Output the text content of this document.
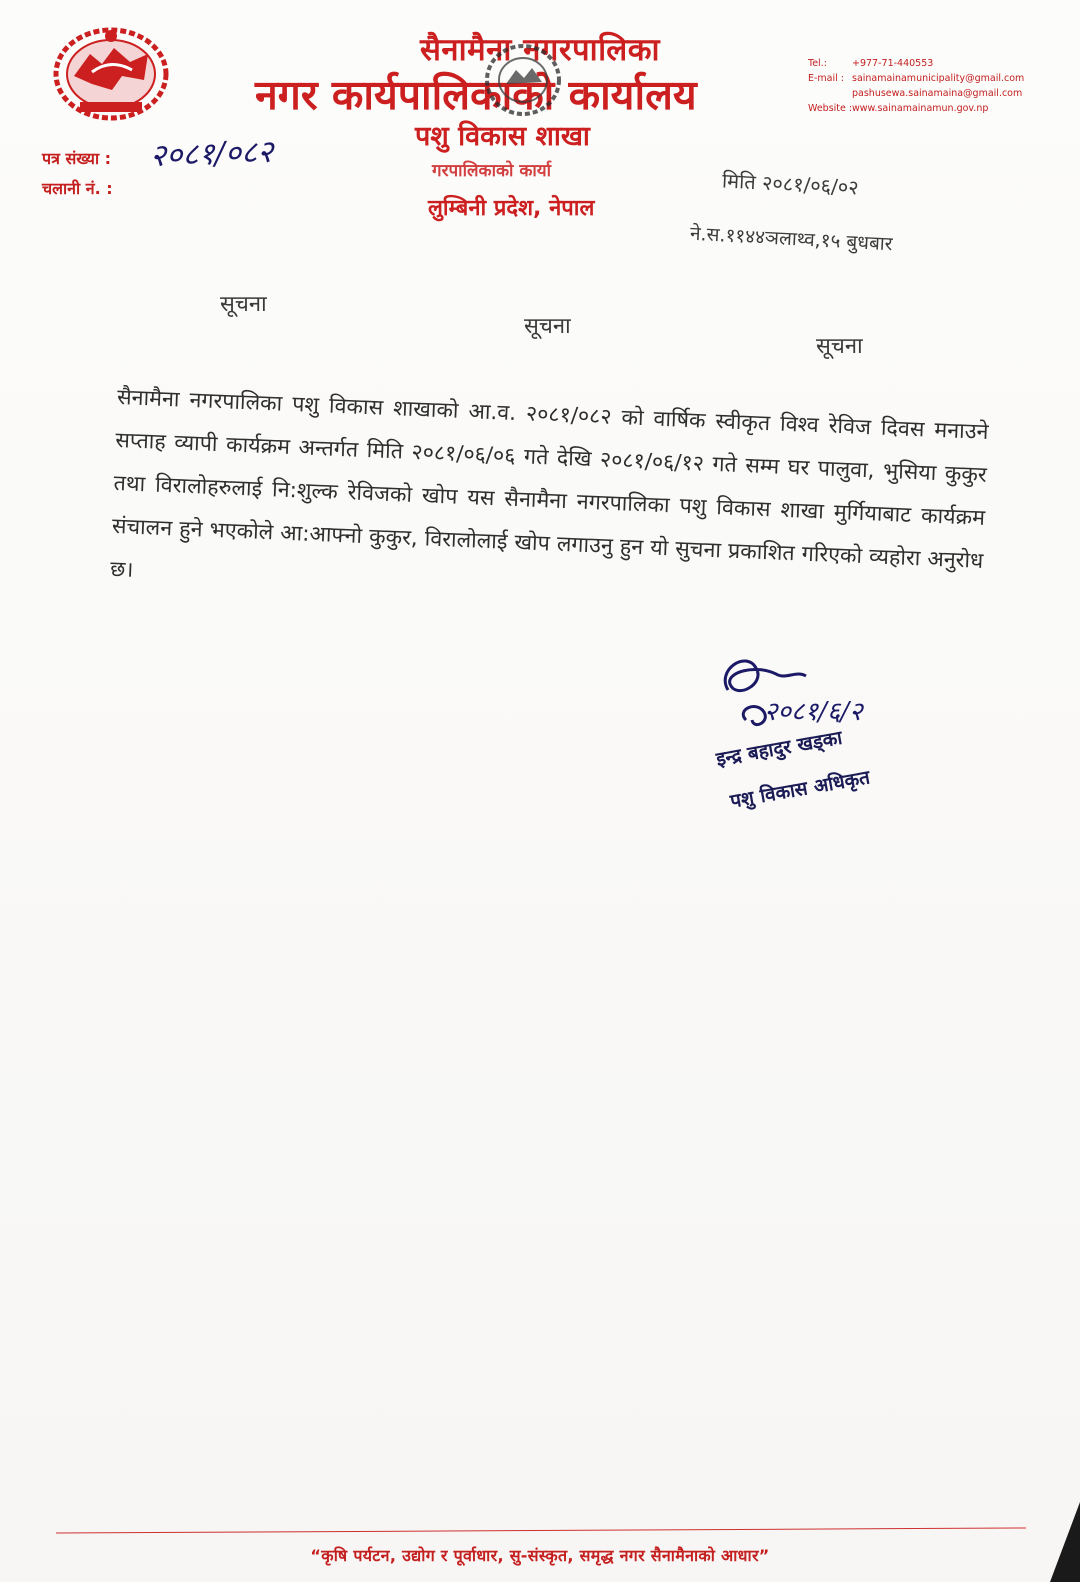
सैनामैना नगरपालिका
नगर कार्यपालिकाको कार्यालय
पशु विकास शाखा
गरपालिकाको कार्या
लुम्बिनी प्रदेश, नेपाल
Tel.:	+977-71-440553
E-mail : sainamainamunicipality@gmail.com
pashusewa.sainamaina@gmail.com
Website :www.sainamainamun.gov.np
पत्र संख्या :
चलानी नं. :
२०८१/०८२
मिति २०८१/०६/०२
ने.स.११४४ञलाथ्व,१५ बुधबार
सूचना
सूचना
सूचना
सैनामैना नगरपालिका पशु विकास शाखाको आ.व. २०८१/०८२ को वार्षिक स्वीकृत विश्व रेविज दिवस मनाउने सप्ताह व्यापी कार्यक्रम अन्तर्गत मिति २०८१/०६/०६ गते देखि २०८१/०६/१२ गते सम्म घर पालुवा, भुसिया कुकुर तथा विरालोहरुलाई नि:शुल्क रेविजको खोप यस सैनामैना नगरपालिका पशु विकास शाखा मुर्गियाबाट कार्यक्रम संचालन हुने भएकोले आ:आफ्नो कुकुर, विरालोलाई खोप लगाउनु हुन यो सुचना प्रकाशित गरिएको व्यहोरा अनुरोध छ।
२०८१/६/२
इन्द्र बहादुर खड्का
पशु विकास अधिकृत
“कृषि पर्यटन, उद्योग र पूर्वाधार, सु-संस्कृत, समृद्ध नगर सैनामैनाको आधार”
